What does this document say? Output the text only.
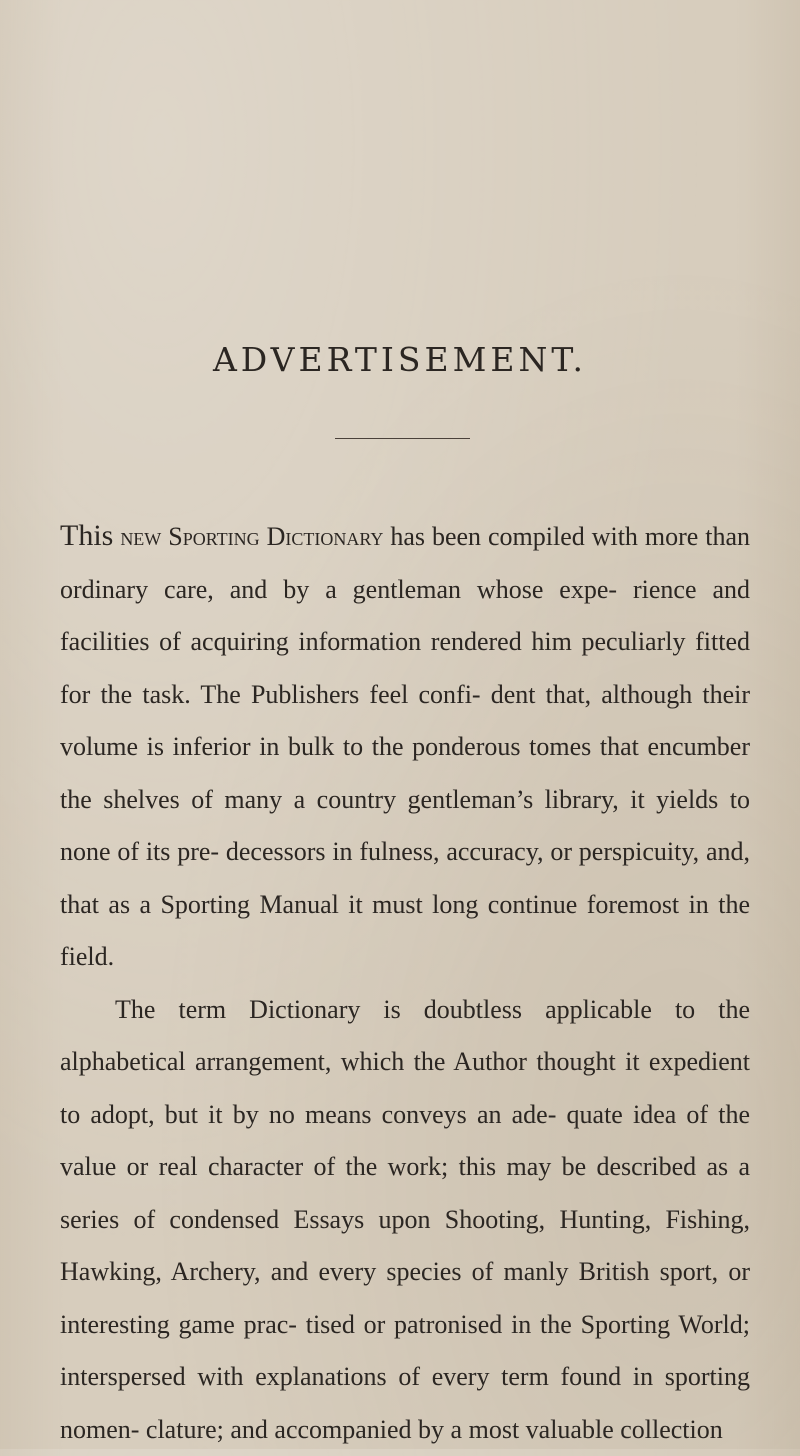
ADVERTISEMENT.

This new Sporting Dictionary has been compiled with more than ordinary care, and by a gentleman whose expe- rience and facilities of acquiring information rendered him peculiarly fitted for the task. The Publishers feel confi- dent that, although their volume is inferior in bulk to the ponderous tomes that encumber the shelves of many a country gentleman’s library, it yields to none of its pre- decessors in fulness, accuracy, or perspicuity, and, that as a Sporting Manual it must long continue foremost in the field.

The term Dictionary is doubtless applicable to the alphabetical arrangement, which the Author thought it expedient to adopt, but it by no means conveys an ade- quate idea of the value or real character of the work; this may be described as a series of condensed Essays upon Shooting, Hunting, Fishing, Hawking, Archery, and every species of manly British sport, or interesting game prac- tised or patronised in the Sporting World; interspersed with explanations of every term found in sporting nomen- clature; and accompanied by a most valuable collection
